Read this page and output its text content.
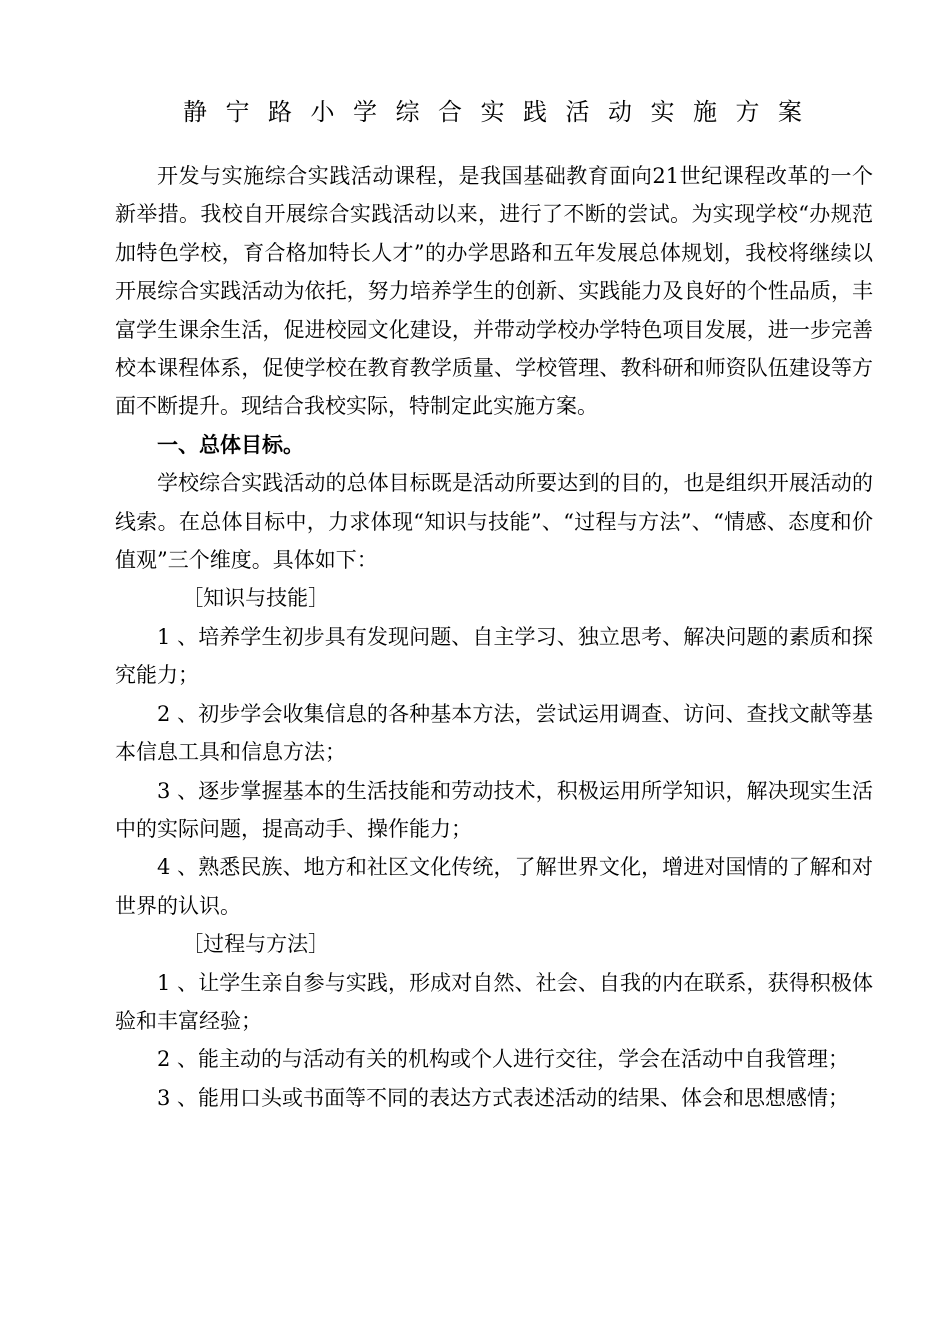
静宁路小学综合实践活动实施方案

开发与实施综合实践活动课程，是我国基础教育面向21世纪课程改革的一个新举措。我校自开展综合实践活动以来，进行了不断的尝试。为实现学校“办规范加特色学校，育合格加特长人才”的办学思路和五年发展总体规划，我校将继续以开展综合实践活动为依托，努力培养学生的创新、实践能力及良好的个性品质，丰富学生课余生活，促进校园文化建设，并带动学校办学特色项目发展，进一步完善校本课程体系，促使学校在教育教学质量、学校管理、教科研和师资队伍建设等方面不断提升。现结合我校实际，特制定此实施方案。

一、总体目标。

学校综合实践活动的总体目标既是活动所要达到的目的，也是组织开展活动的线索。在总体目标中，力求体现“知识与技能”、“过程与方法”、“情感、态度和价值观”三个维度。具体如下：

［知识与技能］

1 、培养学生初步具有发现问题、自主学习、独立思考、解决问题的素质和探究能力；

2 、初步学会收集信息的各种基本方法，尝试运用调查、访问、查找文献等基本信息工具和信息方法；

3 、逐步掌握基本的生活技能和劳动技术，积极运用所学知识，解决现实生活中的实际问题，提高动手、操作能力；

4 、熟悉民族、地方和社区文化传统，了解世界文化，增进对国情的了解和对世界的认识。

［过程与方法］

1 、让学生亲自参与实践，形成对自然、社会、自我的内在联系，获得积极体验和丰富经验；

2 、能主动的与活动有关的机构或个人进行交往，学会在活动中自我管理；

3 、能用口头或书面等不同的表达方式表述活动的结果、体会和思想感情；
